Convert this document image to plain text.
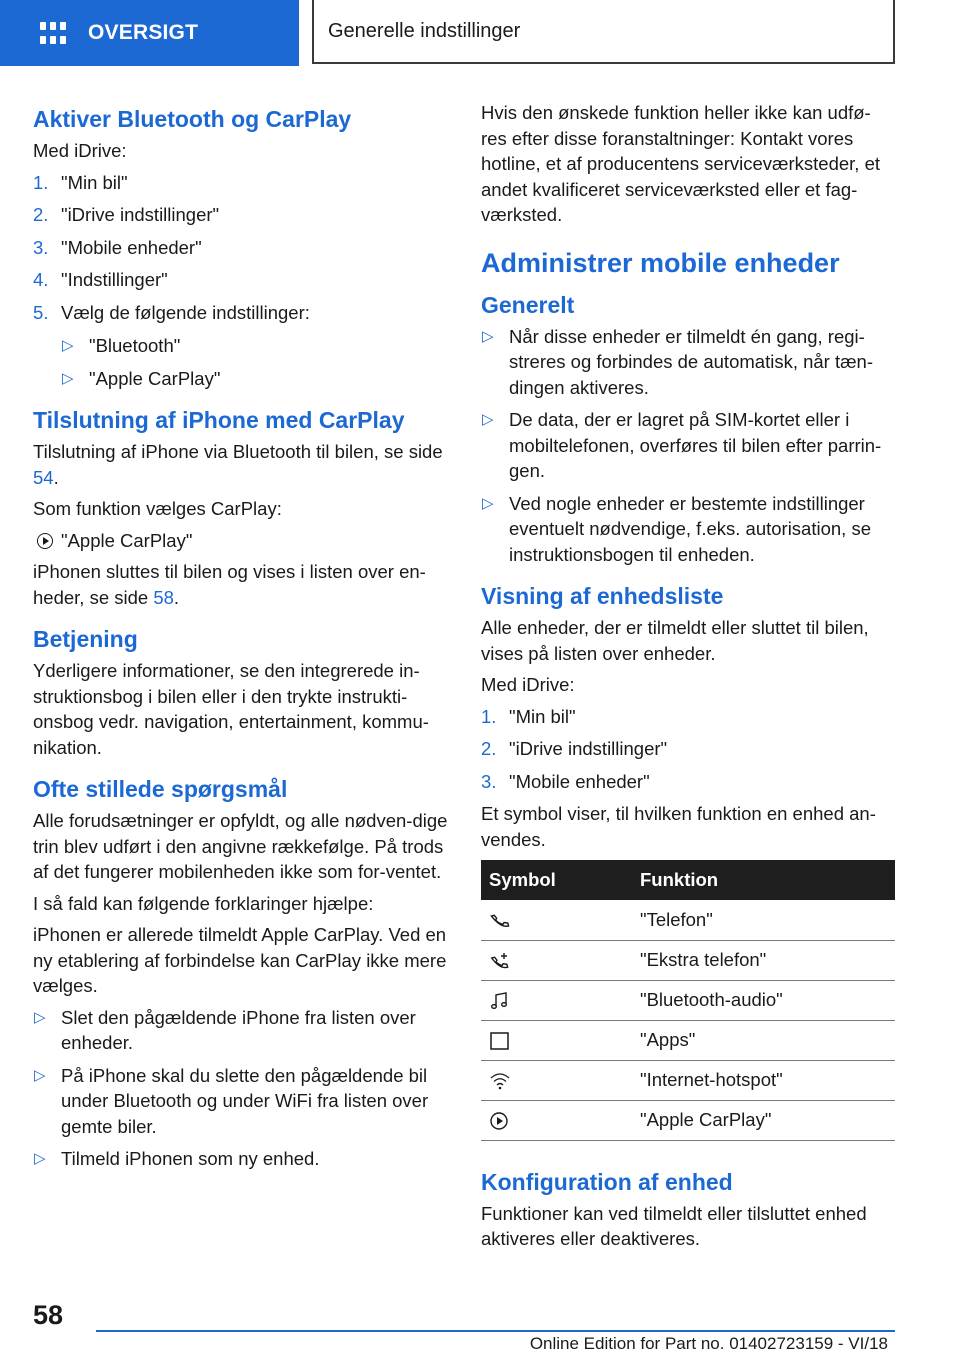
OVERSIGT	Generelle indstillinger
Aktiver Bluetooth og CarPlay

Med iDrive:

1. "Min bil"
2. "iDrive indstillinger"
3. "Mobile enheder"
4. "Indstillinger"
5. Vælg de følgende indstillinger:
▷ "Bluetooth"
▷ "Apple CarPlay"
Tilslutning af iPhone med CarPlay

Tilslutning af iPhone via Bluetooth til bilen, se side 54.

Som funktion vælges CarPlay:

"Apple CarPlay"

iPhonen sluttes til bilen og vises i listen over en-heder, se side 58.

Betjening

Yderligere informationer, se den integrerede in-struktionsbog i bilen eller i den trykte instrukti-onsbog vedr. navigation, entertainment, kommu-nikation.

Ofte stillede spørgsmål

Alle forudsætninger er opfyldt, og alle nødven-dige trin blev udført i den angivne rækkefølge. På trods af det fungerer mobilenheden ikke som for-ventet.

I så fald kan følgende forklaringer hjælpe:

iPhonen er allerede tilmeldt Apple CarPlay. Ved en ny etablering af forbindelse kan CarPlay ikke mere vælges.

▷ Slet den pågældende iPhone fra listen over enheder.
▷ På iPhone skal du slette den pågældende bil under Bluetooth og under WiFi fra listen over gemte biler.
▷ Tilmeld iPhonen som ny enhed.

Hvis den ønskede funktion heller ikke kan udfø-res efter disse foranstaltninger: Kontakt vores hotline, et af producentens serviceværksteder, et andet kvalificeret serviceværksted eller et fag-værksted.

Administrer mobile enheder
Generelt
▷ Når disse enheder er tilmeldt én gang, regi-streres og forbindes de automatisk, når tæn-dingen aktiveres.
▷ De data, der er lagret på SIM-kortet eller i mobiltelefonen, overføres til bilen efter parrin-gen.
▷ Ved nogle enheder er bestemte indstillinger eventuelt nødvendige, f.eks. autorisation, se instruktionsbogen til enheden.
Visning af enhedsliste

Alle enheder, der er tilmeldt eller sluttet til bilen, vises på listen over enheder.

Med iDrive:

1. "Min bil"
2. "iDrive indstillinger"
3. "Mobile enheder"

Et symbol viser, til hvilken funktion en enhed an-vendes.

Symbol	Funktion
	"Telefon"
	"Ekstra telefon"
	"Bluetooth-audio"
	"Apps"
	"Internet-hotspot"
	"Apple CarPlay"
Konfiguration af enhed

Funktioner kan ved tilmeldt eller tilsluttet enhed aktiveres eller deaktiveres.

58
Online Edition for Part no. 01402723159 - VI/18
